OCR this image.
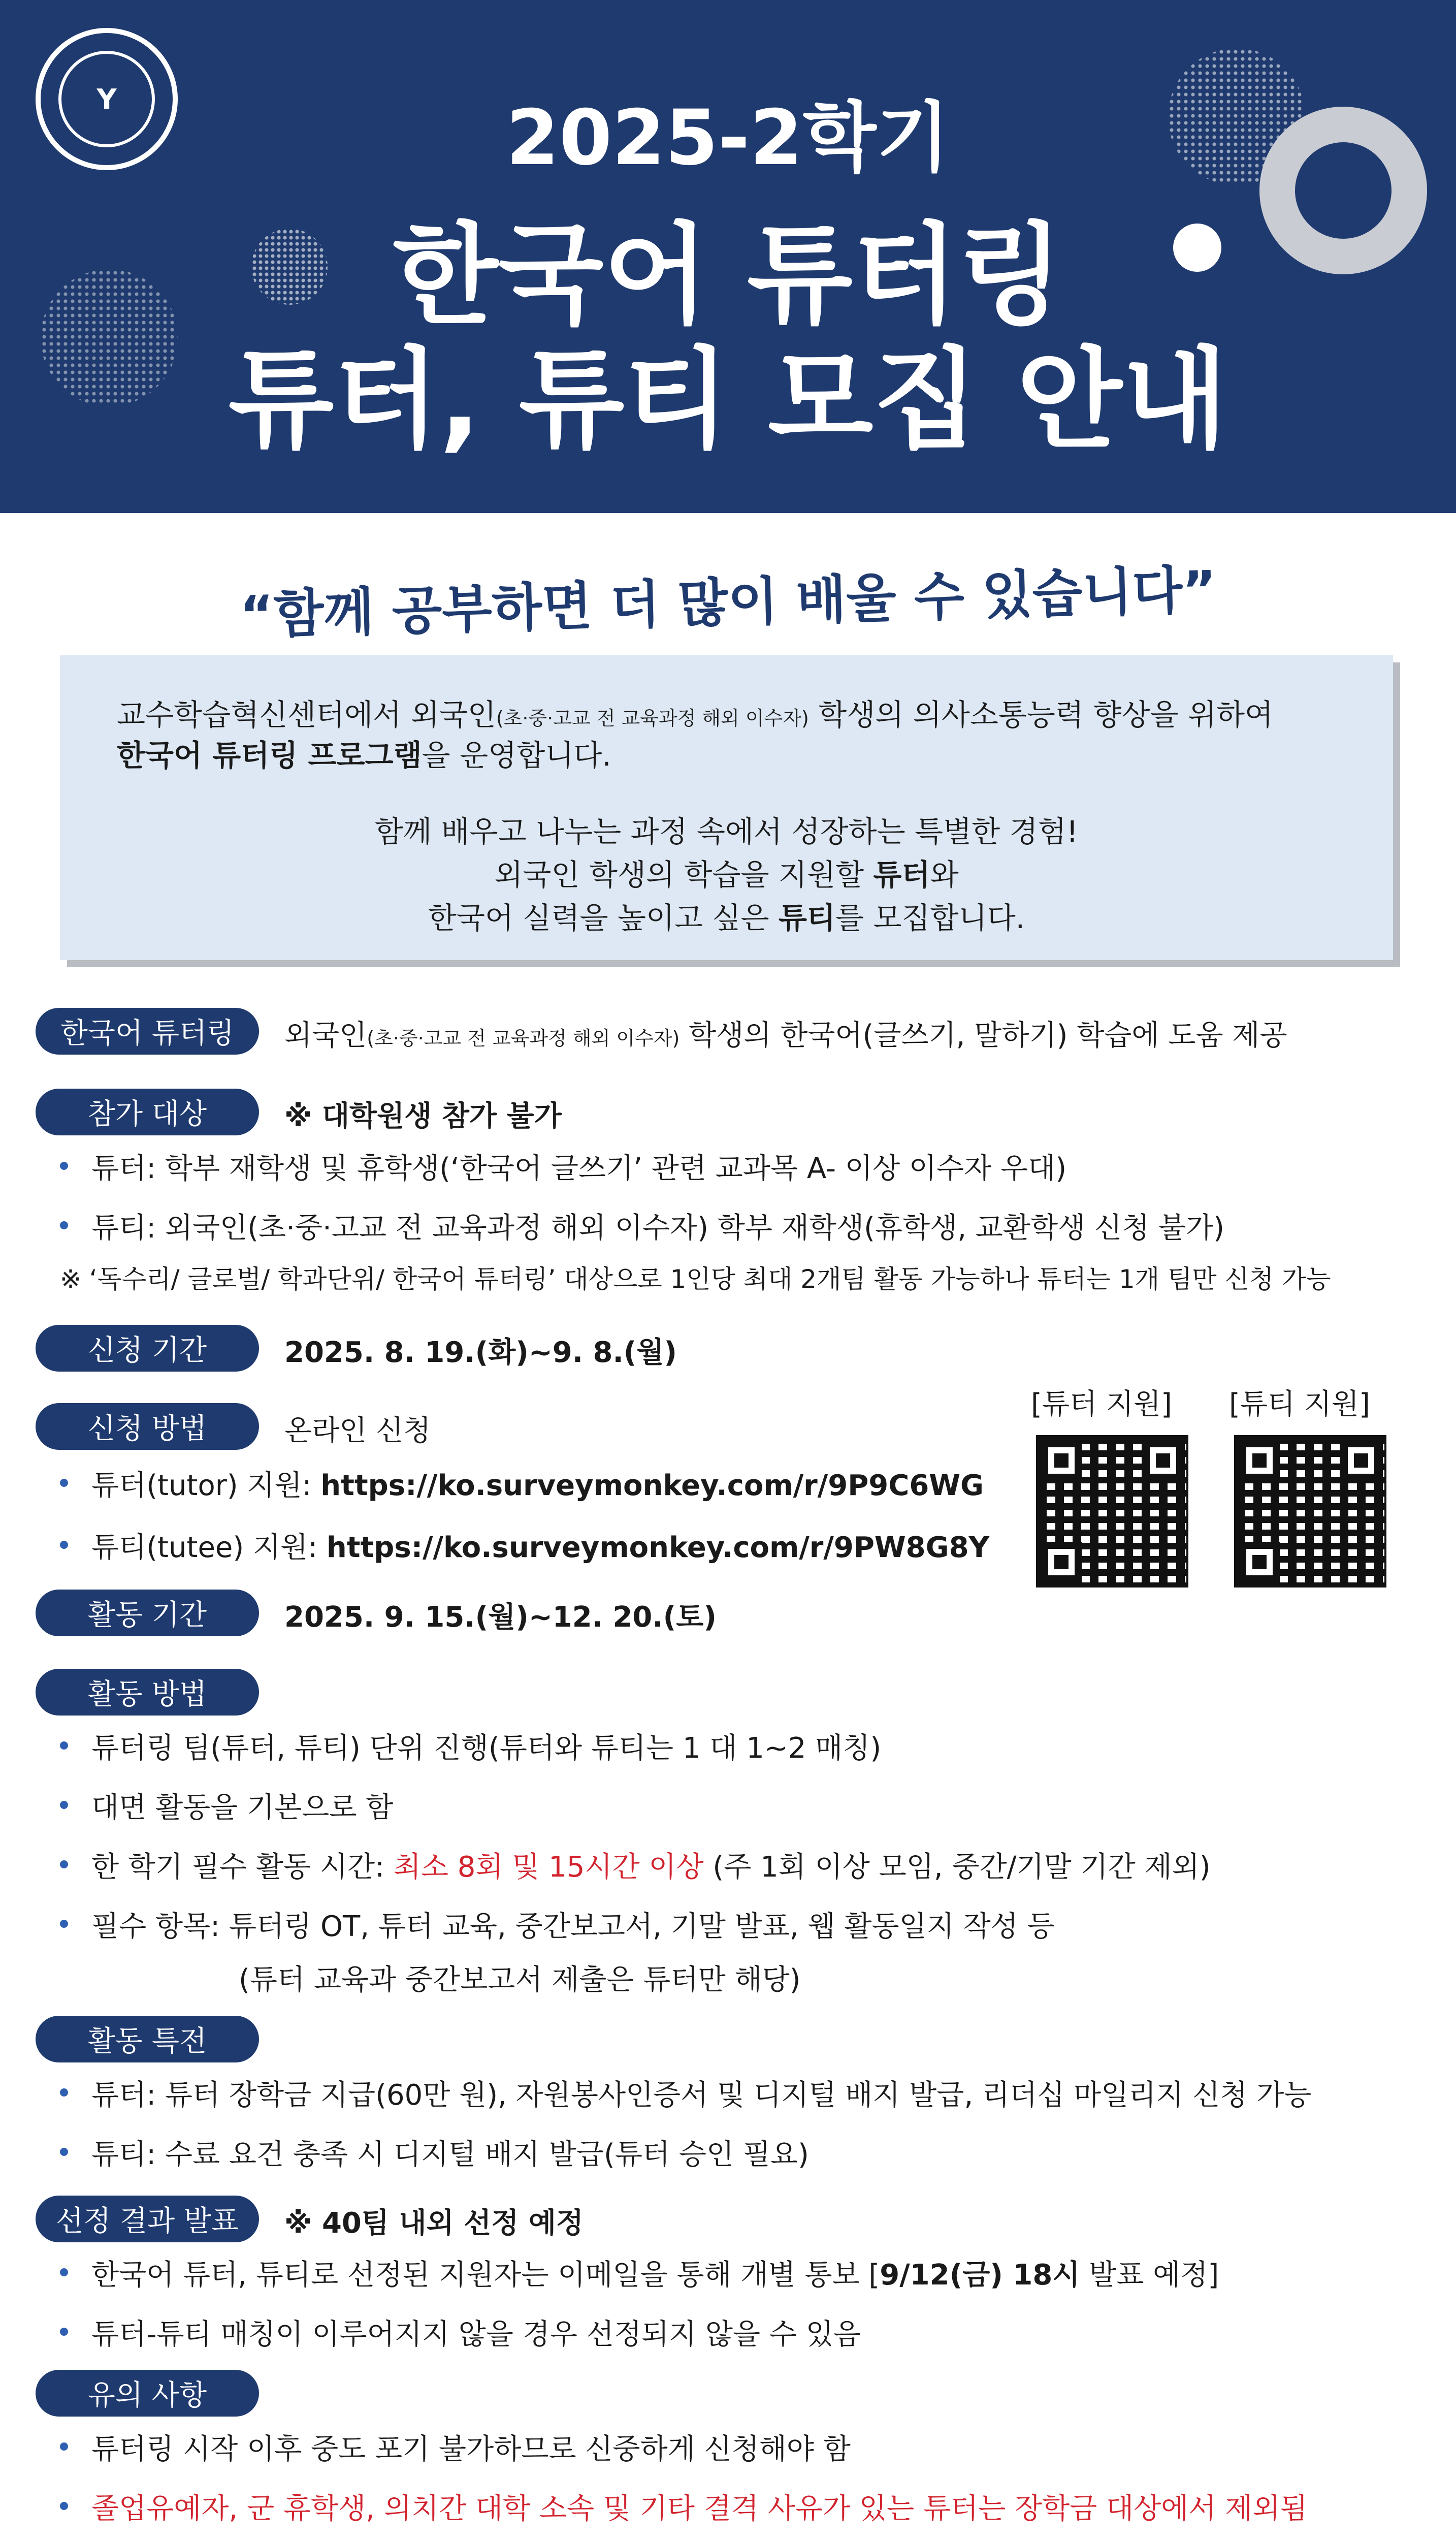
Y	2025-2학기
한국어 튜터링
튜터, 튜티 모집 안내
“함께 공부하면 더 많이 배울 수 있습니다”

교수학습혁신센터에서 외국인(초·중·고교 전 교육과정 해외 이수자) 학생의 의사소통능력 향상을 위하여

한국어 튜터링 프로그램을 운영합니다.

함께 배우고 나누는 과정 속에서 성장하는 특별한 경험!

외국인 학생의 학습을 지원할 튜터와

한국어 실력을 높이고 싶은 튜티를 모집합니다.

한국어 튜터링	외국인(초·중·고교 전 교육과정 해외 이수자) 학생의 한국어(글쓰기, 말하기) 학습에 도움 제공
참가 대상	※ 대학원생 참가 불가
튜터: 학부 재학생 및 휴학생(‘한국어 글쓰기’ 관련 교과목 A- 이상 이수자 우대)
튜티: 외국인(초·중·고교 전 교육과정 해외 이수자) 학부 재학생(휴학생, 교환학생 신청 불가)
※ ‘독수리/ 글로벌/ 학과단위/ 한국어 튜터링’ 대상으로 1인당 최대 2개팀 활동 가능하나 튜터는 1개 팀만 신청 가능
신청 기간	2025. 8. 19.(화)~9. 8.(월)
신청 방법	온라인 신청
튜터(tutor) 지원: https://ko.surveymonkey.com/r/9P9C6WG
튜티(tutee) 지원: https://ko.surveymonkey.com/r/9PW8G8Y
[튜터 지원] [튜티 지원]
활동 기간	2025. 9. 15.(월)~12. 20.(토)
활동 방법
튜터링 팀(튜터, 튜티) 단위 진행(튜터와 튜티는 1 대 1~2 매칭)
대면 활동을 기본으로 함
한 학기 필수 활동 시간: 최소 8회 및 15시간 이상 (주 1회 이상 모임, 중간/기말 기간 제외)
필수 항목: 튜터링 OT, 튜터 교육, 중간보고서, 기말 발표, 웹 활동일지 작성 등
(튜터 교육과 중간보고서 제출은 튜터만 해당)
활동 특전
튜터: 튜터 장학금 지급(60만 원), 자원봉사인증서 및 디지털 배지 발급, 리더십 마일리지 신청 가능
튜티: 수료 요건 충족 시 디지털 배지 발급(튜터 승인 필요)
선정 결과 발표	※ 40팀 내외 선정 예정
한국어 튜터, 튜티로 선정된 지원자는 이메일을 통해 개별 통보 [9/12(금) 18시 발표 예정]
튜터-튜티 매칭이 이루어지지 않을 경우 선정되지 않을 수 있음
유의 사항
튜터링 시작 이후 중도 포기 불가하므로 신중하게 신청해야 함
졸업유예자, 군 휴학생, 의치간 대학 소속 및 기타 결격 사유가 있는 튜터는 장학금 대상에서 제외됨
